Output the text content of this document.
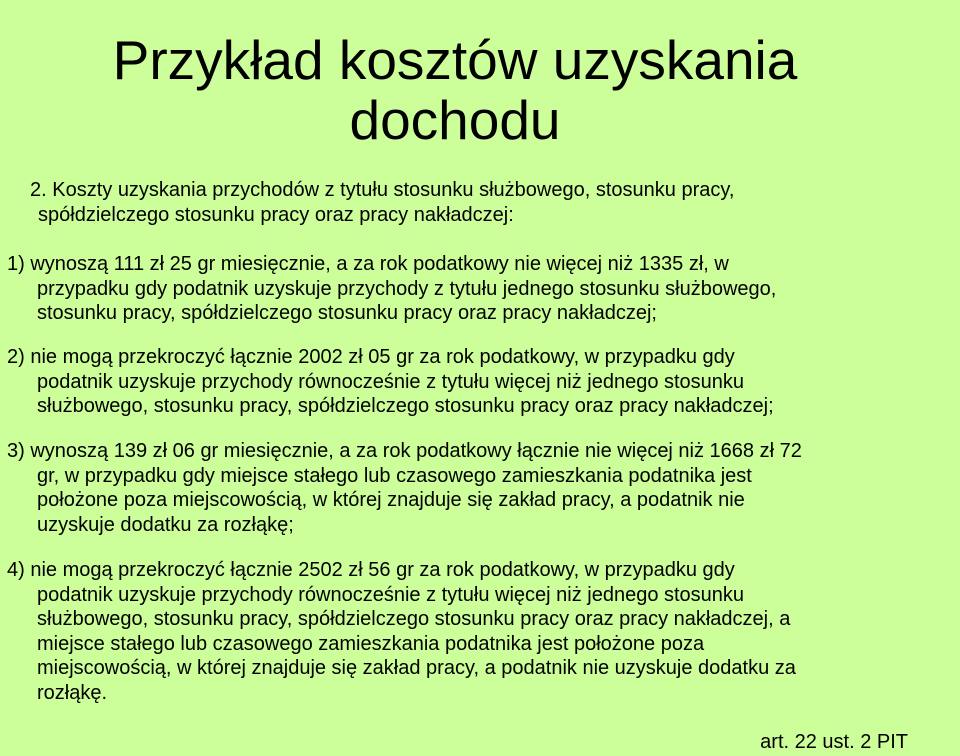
Przykład kosztów uzyskania
dochodu

2. Koszty uzyskania przychodów z tytułu stosunku służbowego, stosunku pracy,
spółdzielczego stosunku pracy oraz pracy nakładczej:

1) wynoszą 111 zł 25 gr miesięcznie, a za rok podatkowy nie więcej niż 1335 zł, w
przypadku gdy podatnik uzyskuje przychody z tytułu jednego stosunku służbowego,
stosunku pracy, spółdzielczego stosunku pracy oraz pracy nakładczej;

2) nie mogą przekroczyć łącznie 2002 zł 05 gr za rok podatkowy, w przypadku gdy
podatnik uzyskuje przychody równocześnie z tytułu więcej niż jednego stosunku
służbowego, stosunku pracy, spółdzielczego stosunku pracy oraz pracy nakładczej;

3) wynoszą 139 zł 06 gr miesięcznie, a za rok podatkowy łącznie nie więcej niż 1668 zł 72
gr, w przypadku gdy miejsce stałego lub czasowego zamieszkania podatnika jest
położone poza miejscowością, w której znajduje się zakład pracy, a podatnik nie
uzyskuje dodatku za rozłąkę;

4) nie mogą przekroczyć łącznie 2502 zł 56 gr za rok podatkowy, w przypadku gdy
podatnik uzyskuje przychody równocześnie z tytułu więcej niż jednego stosunku
służbowego, stosunku pracy, spółdzielczego stosunku pracy oraz pracy nakładczej, a
miejsce stałego lub czasowego zamieszkania podatnika jest położone poza
miejscowością, w której znajduje się zakład pracy, a podatnik nie uzyskuje dodatku za
rozłąkę.

art. 22 ust. 2 PIT
